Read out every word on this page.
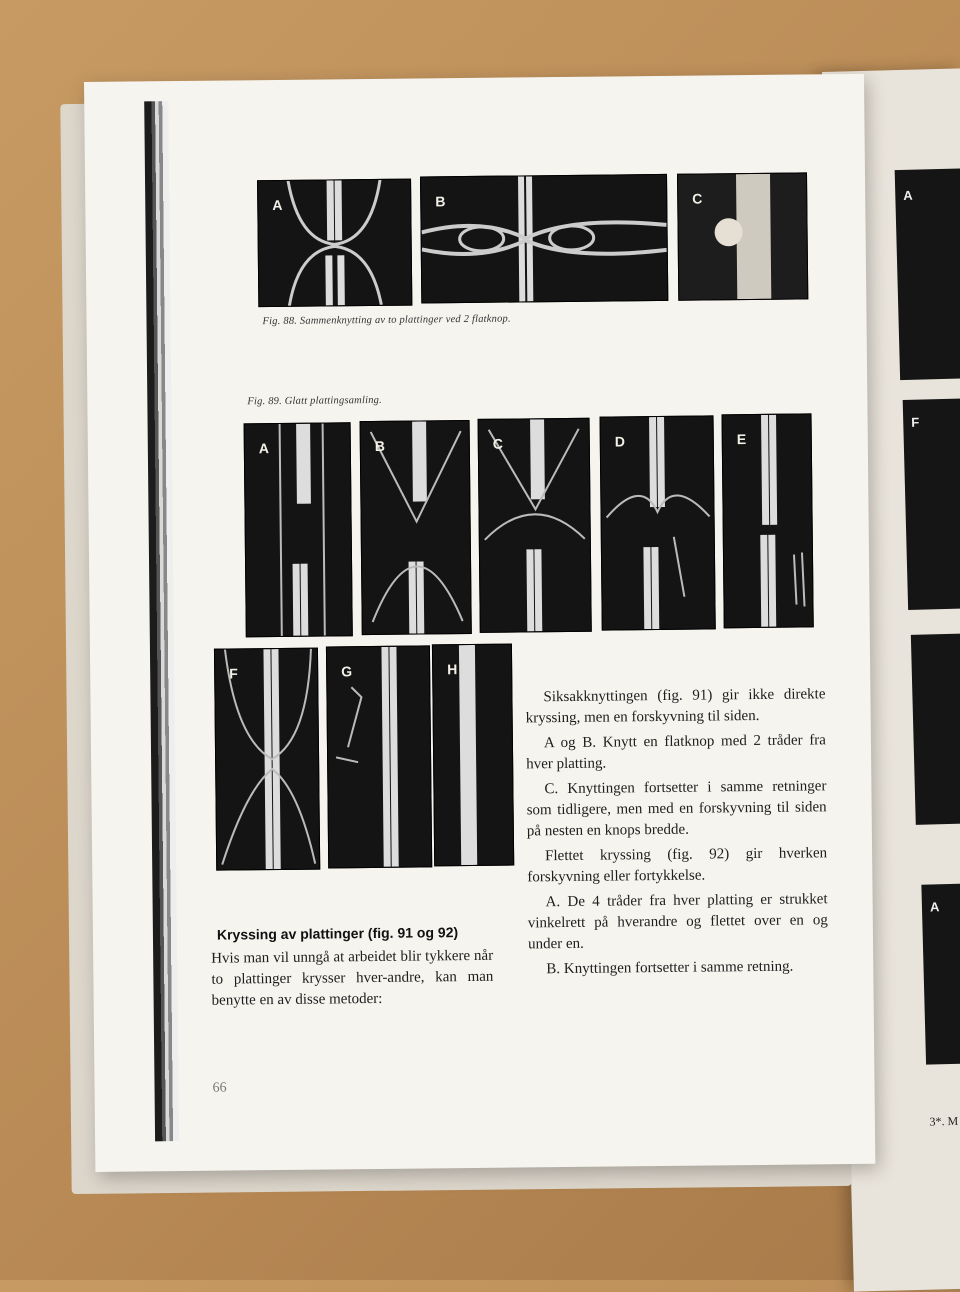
A
F
A
3*. M
A	B	C
Fig. 88. Sammenknytting av to plattinger ved 2 flatknop.
Fig. 89. Glatt plattingsamling.
A	B	C	D	E
F	G	H
Kryssing av plattinger (fig. 91 og 92)

Hvis man vil unngå at arbeidet blir tykkere når to plattinger krysser hver-andre, kan man benytte en av disse metoder:

Siksakknyttingen (fig. 91) gir ikke direkte kryssing, men en forskyvning til siden.

A og B. Knytt en flatknop med 2 tråder fra hver platting.

C. Knyttingen fortsetter i samme retninger som tidligere, men med en forskyvning til siden på nesten en knops bredde.

Flettet kryssing (fig. 92) gir hverken forskyvning eller fortykkelse.

A. De 4 tråder fra hver platting er strukket vinkelrett på hverandre og flettet over en og under en.

B. Knyttingen fortsetter i samme retning.

66
